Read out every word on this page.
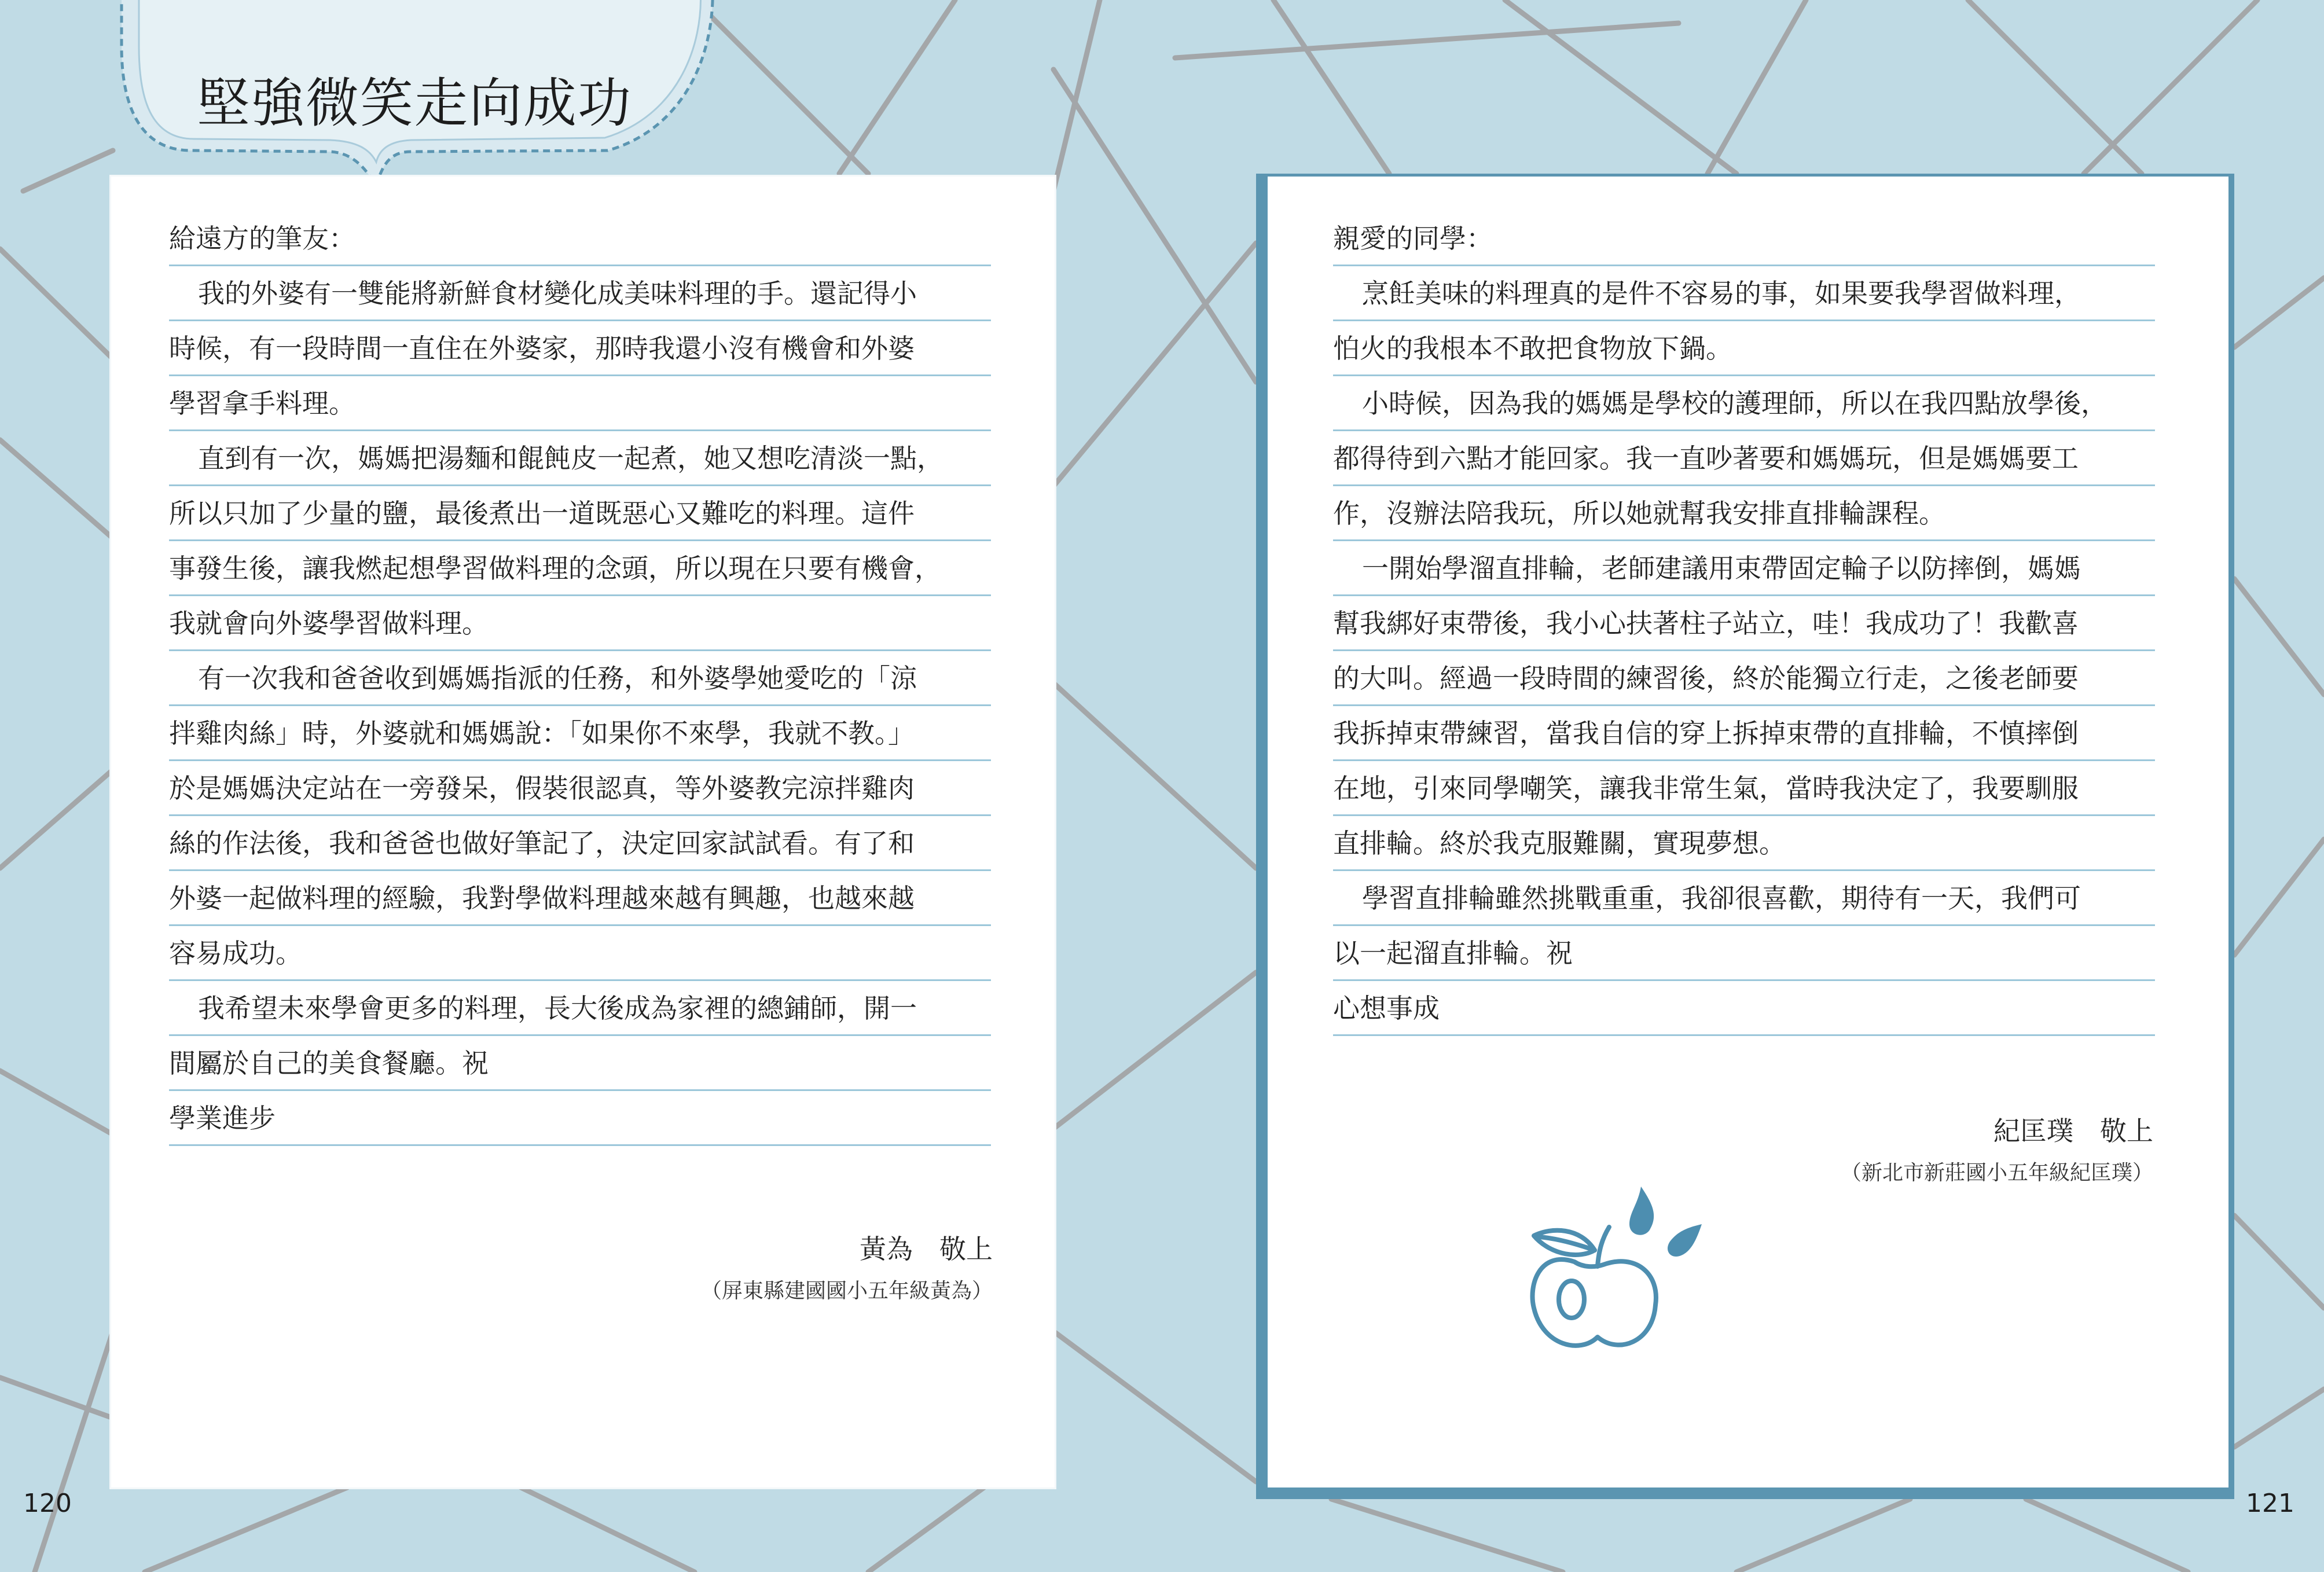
堅強微笑走向成功
給遠方的筆友：
我的外婆有一雙能將新鮮食材變化成美味料理的手。還記得小
時候，有一段時間一直住在外婆家，那時我還小沒有機會和外婆
學習拿手料理。
直到有一次，媽媽把湯麵和餛飩皮一起煮，她又想吃清淡一點，
所以只加了少量的鹽，最後煮出一道既惡心又難吃的料理。這件
事發生後，讓我燃起想學習做料理的念頭，所以現在只要有機會，
我就會向外婆學習做料理。
有一次我和爸爸收到媽媽指派的任務，和外婆學她愛吃的「涼
拌雞肉絲」時，外婆就和媽媽說：「如果你不來學，我就不教。」
於是媽媽決定站在一旁發呆，假裝很認真，等外婆教完涼拌雞肉
絲的作法後，我和爸爸也做好筆記了，決定回家試試看。有了和
外婆一起做料理的經驗，我對學做料理越來越有興趣，也越來越
容易成功。
我希望未來學會更多的料理，長大後成為家裡的總鋪師，開一
間屬於自己的美食餐廳。祝
學業進步
黃為　敬上
（屏東縣建國國小五年級黃為）
親愛的同學：
烹飪美味的料理真的是件不容易的事，如果要我學習做料理，
怕火的我根本不敢把食物放下鍋。
小時候，因為我的媽媽是學校的護理師，所以在我四點放學後，
都得待到六點才能回家。我一直吵著要和媽媽玩，但是媽媽要工
作，沒辦法陪我玩，所以她就幫我安排直排輪課程。
一開始學溜直排輪，老師建議用束帶固定輪子以防摔倒，媽媽
幫我綁好束帶後，我小心扶著柱子站立，哇！我成功了！我歡喜
的大叫。經過一段時間的練習後，終於能獨立行走，之後老師要
我拆掉束帶練習，當我自信的穿上拆掉束帶的直排輪，不慎摔倒
在地，引來同學嘲笑，讓我非常生氣，當時我決定了，我要馴服
直排輪。終於我克服難關，實現夢想。
學習直排輪雖然挑戰重重，我卻很喜歡，期待有一天，我們可
以一起溜直排輪。祝
心想事成
紀匡璞　敬上
（新北市新莊國小五年級紀匡璞）
120	121
